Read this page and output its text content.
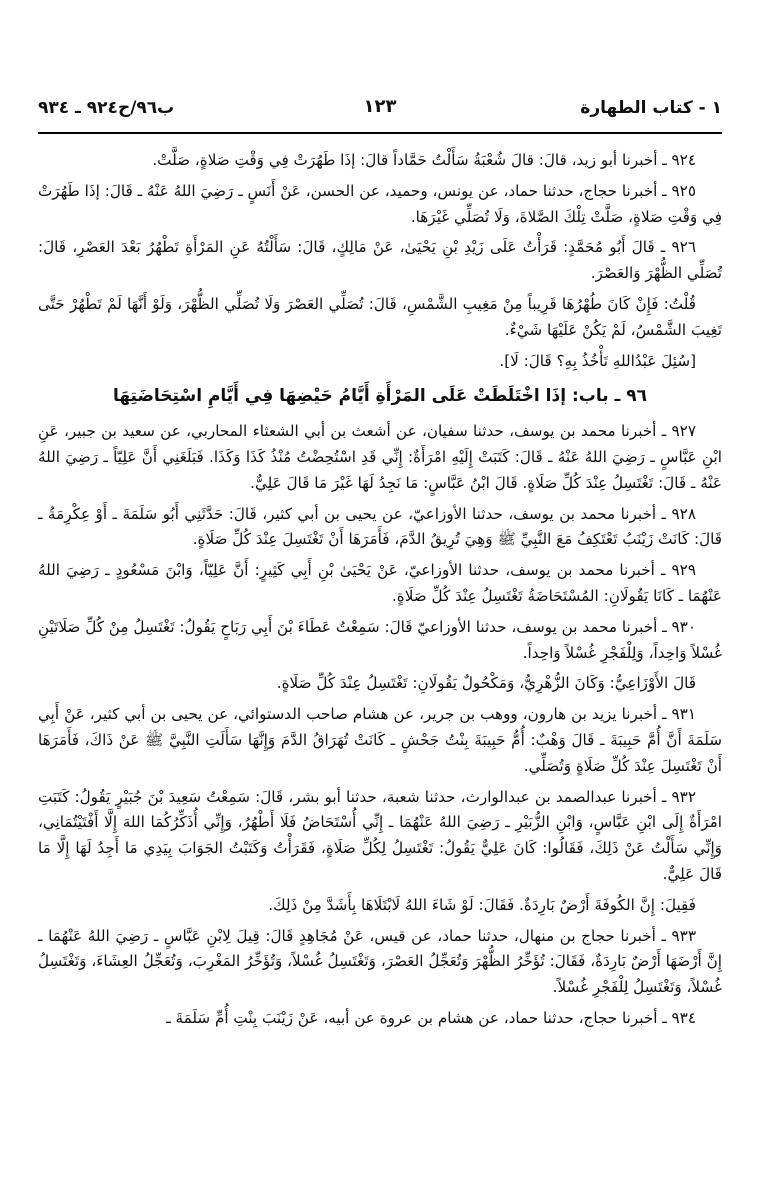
١ - كتاب الطهارة
١٢٣
ب٩٦/ح٩٢٤ ـ ٩٣٤

٩٢٤ ـ أخبرنا أبو زيد، قالَ: قالَ شُعْبَةُ سَأَلْتُ حَمَّاداً قالَ: إذَا طَهُرَتْ فِي وَقْتِ صَلاةٍ، صَلَّتْ.

٩٢٥ ـ أخبرنا حجاج، حدثنا حماد، عن يونس، وحميد، عن الحسن، عَنْ أَنَسٍ ـ رَضِيَ اللهُ عَنْهُ ـ قَالَ: إذَا طَهُرَتْ فِي وَقْتِ صَلاةٍ، صَلَّتْ تِلْكَ الصَّلاةَ، وَلَا تُصَلِّي غَيْرَهَا.

٩٢٦ ـ قَالَ أَبُو مُحَمَّدٍ: قَرَأْتُ عَلَى زَيْدِ بْنِ يَحْيَىٰ، عَنْ مَالِكٍ، قَالَ: سَأَلْتُهُ عَنِ المَرْأَةِ تَطْهُرُ بَعْدَ العَصْرِ، قَالَ: تُصَلِّي الظُّهْرَ وَالعَصْرَ.

قُلْتُ: فَإِنْ كَانَ طُهْرُهَا قَرِيباً مِنْ مَغِيبِ الشَّمْسِ، قَالَ: تُصَلِّي العَصْرَ وَلَا تُصَلِّي الظُّهْرَ، وَلَوْ أَنَّهَا لَمْ تَطْهُرْ حَتَّى تَغِيبَ الشَّمْسُ، لَمْ يَكُنْ عَلَيْهَا شَيْءٌ.

[سُئِلَ عَبْدُاللهِ تَأْخُذُ بِهِ؟ قَالَ: لَا].

٩٦ ـ باب: إذَا اخْتَلَطَتْ عَلَى المَرْأَةِ أَيَّامُ حَيْضِهَا فِي أَيَّامِ اسْتِحَاضَتِهَا

٩٢٧ ـ أخبرنا محمد بن يوسف، حدثنا سفيان، عن أشعث بن أبي الشعثاء المحاربي، عن سعيد بن جبير، عَنِ ابْنِ عَبَّاسٍ ـ رَضِيَ اللهُ عَنْهُ ـ قَالَ: كَتَبَتْ إِلَيْهِ امْرَأَةٌ: إِنِّي قَدِ اسْتُحِضْتُ مُنْذُ كَذَا وَكَذَا. فَبَلَغَنِي أَنَّ عَلِيّاً ـ رَضِيَ اللهُ عَنْهُ ـ قَالَ: تَغْتَسِلُ عِنْدَ كُلِّ صَلَاةٍ. قَالَ ابْنُ عَبَّاسٍ: مَا نَجِدُ لَهَا غَيْرَ مَا قَالَ عَلِيٌّ.

٩٢٨ ـ أخبرنا محمد بن يوسف، حدثنا الأوزاعيّ، عن يحيى بن أبي كثير، قَالَ: حَدَّثَنِي أَبُو سَلَمَةَ ـ أَوْ عِكْرِمَةُ ـ قَالَ: كَانَتْ زَيْنَبُ تَعْتَكِفُ مَعَ النَّبِيِّ ﷺ وَهِيَ تُرِيقُ الدَّمَ، فَأَمَرَهَا أَنْ تَغْتَسِلَ عِنْدَ كُلِّ صَلَاةٍ.

٩٢٩ ـ أخبرنا محمد بن يوسف، حدثنا الأوزاعيّ، عَنْ يَحْيَىٰ بْنِ أَبِي كَثِيرٍ: أَنَّ عَلِيّاً، وَابْنَ مَسْعُودٍ ـ رَضِيَ اللهُ عَنْهُمَا ـ كَانَا يَقُولَانِ: المُسْتَحَاضَةُ تَغْتَسِلُ عِنْدَ كُلِّ صَلَاةٍ.

٩٣٠ ـ أخبرنا محمد بن يوسف، حدثنا الأوزاعيّ قَالَ: سَمِعْتُ عَطَاءَ بْنَ أَبِي رَبَاحٍ يَقُولُ: تَغْتَسِلُ مِنْ كُلِّ صَلَاتَيْنِ غُسْلاً وَاحِداً، وَلِلْفَجْرِ غُسْلاً وَاحِداً.

قَالَ الأَوْزَاعِيُّ: وَكَانَ الزُّهْرِيُّ، وَمَكْحُولٌ يَقُولَانِ: تَغْتَسِلُ عِنْدَ كُلِّ صَلَاةٍ.

٩٣١ ـ أخبرنا يزيد بن هارون، ووهب بن جرير، عن هشام صاحب الدستوائي، عن يحيى بن أبي كثير، عَنْ أَبِي سَلَمَةَ أَنَّ أُمَّ حَبِيبَةَ ـ قَالَ وَهْبٌ: أُمُّ حَبِيبَةَ بِنْتُ جَحْشٍ ـ كَانَتْ تُهَرَاقُ الدَّمَ وَإِنَّهَا سَأَلَتِ النَّبِيَّ ﷺ عَنْ ذَاكَ، فَأَمَرَهَا أَنْ تَغْتَسِلَ عِنْدَ كُلِّ صَلَاةٍ وَتُصَلِّي.

٩٣٢ ـ أخبرنا عبدالصمد بن عبدالوارث، حدثنا شعبة، حدثنا أبو بشر، قَالَ: سَمِعْتُ سَعِيدَ بْنَ جُبَيْرٍ يَقُولُ: كَتَبَتِ امْرَأَةٌ إِلَى ابْنِ عَبَّاسٍ، وَابْنِ الزُّبَيْرِ ـ رَضِيَ اللهُ عَنْهُمَا ـ إِنِّي أُسْتَحَاضُ فَلَا أَطْهُرُ، وَإِنِّي أُذَكِّرُكُمَا اللهَ إِلَّا أَفْتَيْتُمَانِي، وَإِنِّي سَأَلْتُ عَنْ ذَلِكَ، فَقَالُوا: كَانَ عَلِيٌّ يَقُولُ: تَغْتَسِلُ لِكُلِّ صَلَاةٍ، فَقَرَأْتُ وَكَتَبْتُ الجَوَابَ بِيَدِي مَا أَجِدُ لَهَا إِلَّا مَا قَالَ عَلِيٌّ.

فَقِيلَ: إِنَّ الكُوفَةَ أَرْضٌ بَارِدَةٌ. فَقَالَ: لَوْ شَاءَ اللهُ لَابْتَلَاهَا بِأَشَدَّ مِنْ ذَلِكَ.

٩٣٣ ـ أخبرنا حجاج بن منهال، حدثنا حماد، عن قيس، عَنْ مُجَاهِدٍ قَالَ: قِيلَ لِابْنِ عَبَّاسٍ ـ رَضِيَ اللهُ عَنْهُمَا ـ إِنَّ أَرْضَهَا أَرْضٌ بَارِدَةٌ، فَقَالَ: تُؤَخِّرُ الظُّهْرَ وَتُعَجِّلُ العَصْرَ، وَتَغْتَسِلُ غُسْلاً، وَتُؤَخِّرُ المَغْرِبَ، وَتُعَجِّلُ العِشَاءَ، وَتَغْتَسِلُ غُسْلاً، وَتَغْتَسِلُ لِلْفَجْرِ غُسْلاً.

٩٣٤ ـ أخبرنا حجاج، حدثنا حماد، عن هشام بن عروة عن أبيه، عَنْ زَيْنَبَ بِنْتِ أُمِّ سَلَمَةَ ـ
